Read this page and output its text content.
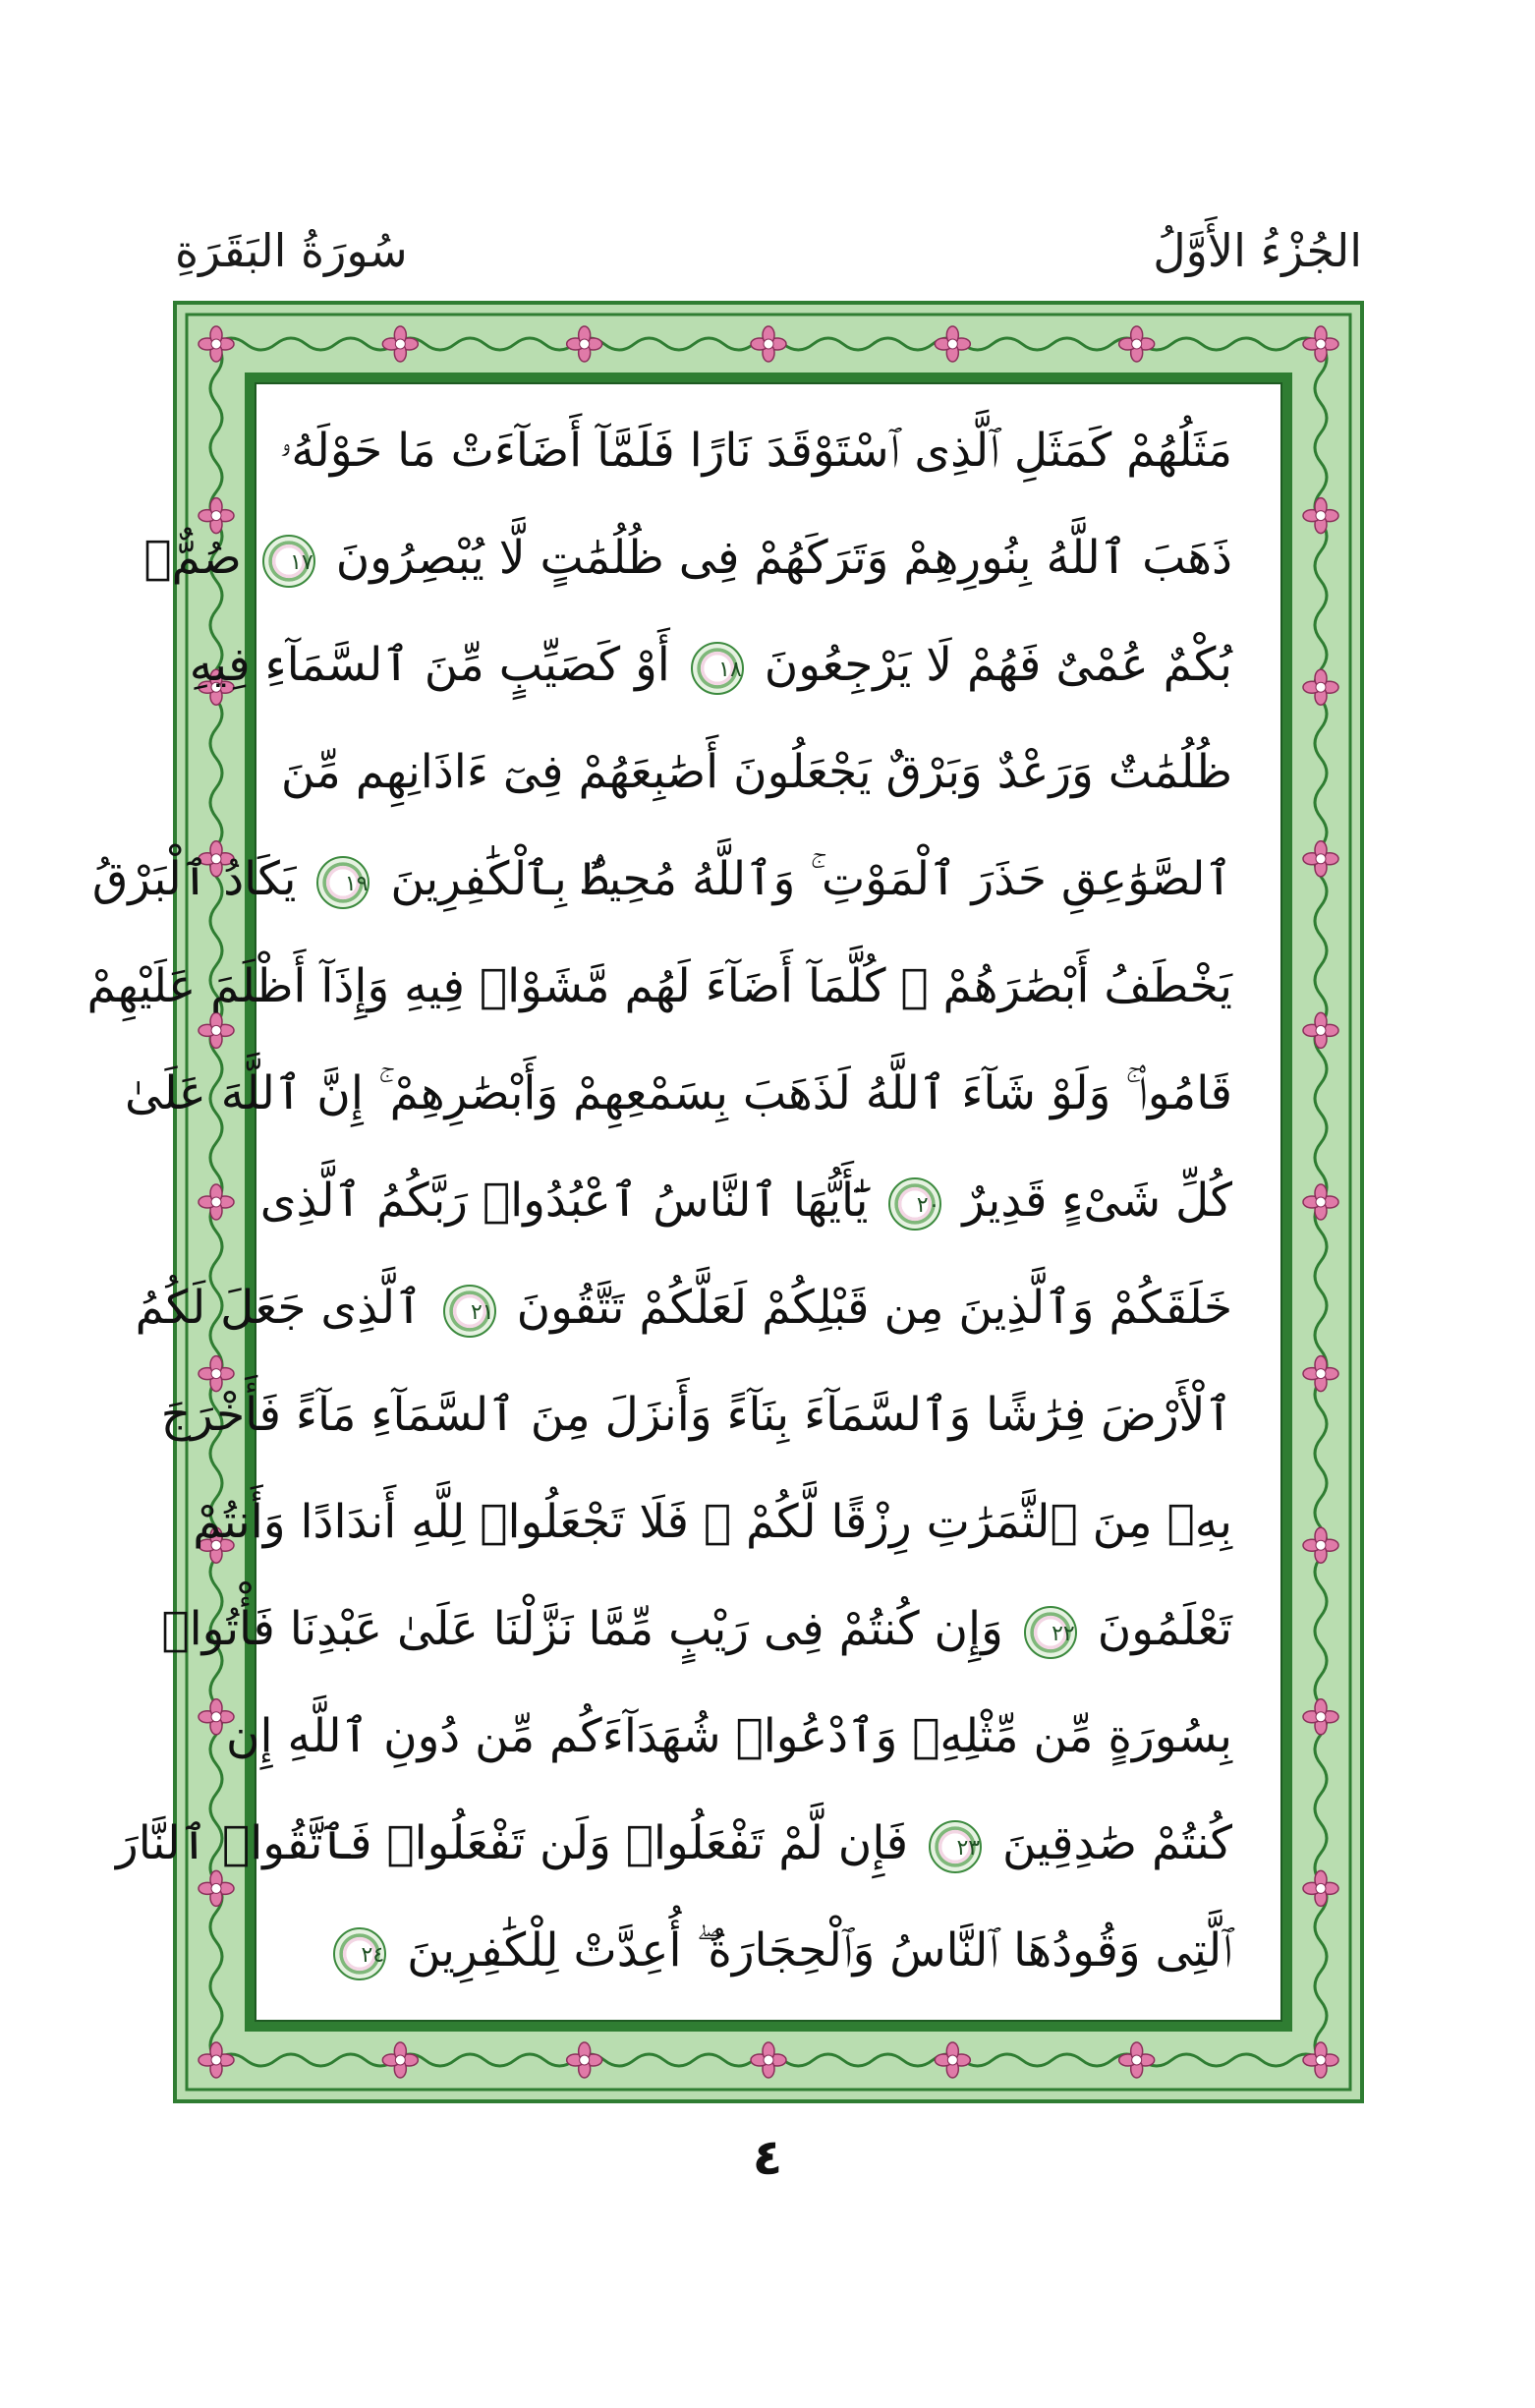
الجُزْءُ الأَوَّلُ
سُورَةُ البَقَرَةِ
مَثَلُهُمْ كَمَثَلِ ٱلَّذِى ٱسْتَوْقَدَ نَارًا فَلَمَّآ أَضَآءَتْ مَا حَوْلَهُۥ
ذَهَبَ ٱللَّهُ بِنُورِهِمْ وَتَرَكَهُمْ فِى ظُلُمَٰتٍ لَّا يُبْصِرُونَ ١٧ صُمٌّۢ
بُكْمٌ عُمْىٌ فَهُمْ لَا يَرْجِعُونَ ١٨ أَوْ كَصَيِّبٍ مِّنَ ٱلسَّمَآءِ فِيهِ
ظُلُمَٰتٌ وَرَعْدٌ وَبَرْقٌ يَجْعَلُونَ أَصَٰبِعَهُمْ فِىٓ ءَاذَانِهِم مِّنَ
ٱلصَّوَٰعِقِ حَذَرَ ٱلْمَوْتِ ۚ وَٱللَّهُ مُحِيطٌۢ بِٱلْكَٰفِرِينَ ١٩ يَكَادُ ٱلْبَرْقُ
يَخْطَفُ أَبْصَٰرَهُمْ ۖ كُلَّمَآ أَضَآءَ لَهُم مَّشَوْا۟ فِيهِ وَإِذَآ أَظْلَمَ عَلَيْهِمْ
قَامُوا۟ ۚ وَلَوْ شَآءَ ٱللَّهُ لَذَهَبَ بِسَمْعِهِمْ وَأَبْصَٰرِهِمْ ۚ إِنَّ ٱللَّهَ عَلَىٰ
كُلِّ شَىْءٍ قَدِيرٌ ٢٠ يَٰٓأَيُّهَا ٱلنَّاسُ ٱعْبُدُوا۟ رَبَّكُمُ ٱلَّذِى
خَلَقَكُمْ وَٱلَّذِينَ مِن قَبْلِكُمْ لَعَلَّكُمْ تَتَّقُونَ ٢١ ٱلَّذِى جَعَلَ لَكُمُ
ٱلْأَرْضَ فِرَٰشًا وَٱلسَّمَآءَ بِنَآءً وَأَنزَلَ مِنَ ٱلسَّمَآءِ مَآءً فَأَخْرَجَ
بِهِۦ مِنَ ٱلثَّمَرَٰتِ رِزْقًا لَّكُمْ ۖ فَلَا تَجْعَلُوا۟ لِلَّهِ أَندَادًا وَأَنتُمْ
تَعْلَمُونَ ٢٢ وَإِن كُنتُمْ فِى رَيْبٍ مِّمَّا نَزَّلْنَا عَلَىٰ عَبْدِنَا فَأْتُوا۟
بِسُورَةٍ مِّن مِّثْلِهِۦ وَٱدْعُوا۟ شُهَدَآءَكُم مِّن دُونِ ٱللَّهِ إِن
كُنتُمْ صَٰدِقِينَ ٢٣ فَإِن لَّمْ تَفْعَلُوا۟ وَلَن تَفْعَلُوا۟ فَٱتَّقُوا۟ ٱلنَّارَ
ٱلَّتِى وَقُودُهَا ٱلنَّاسُ وَٱلْحِجَارَةُ ۖ أُعِدَّتْ لِلْكَٰفِرِينَ ٢٤
٤
